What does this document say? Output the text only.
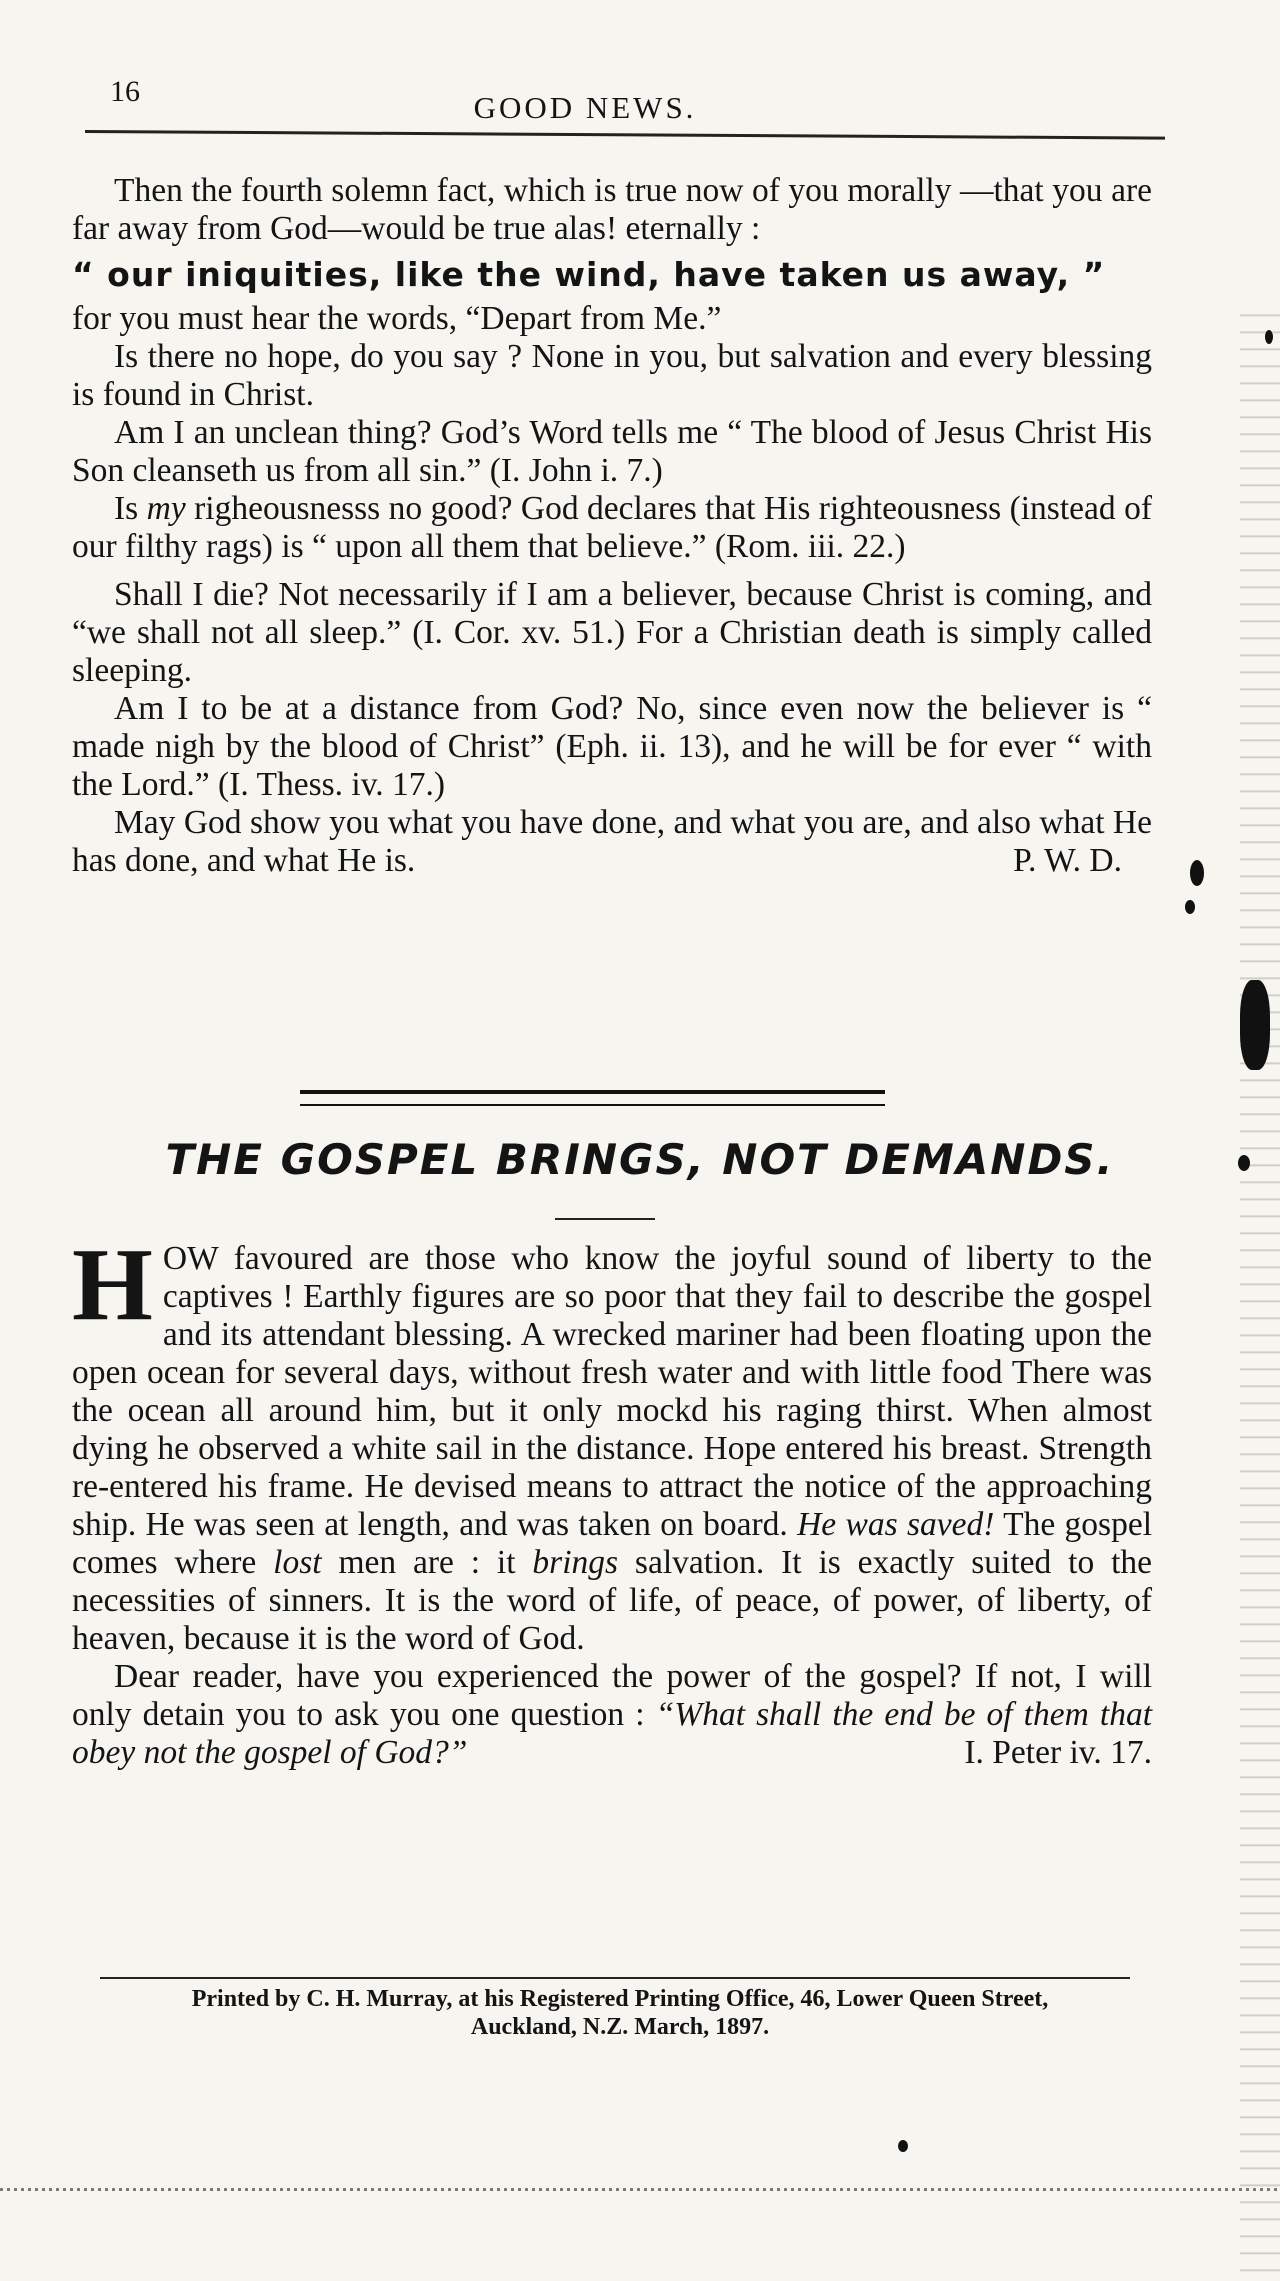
16	GOOD NEWS.

Then the fourth solemn fact, which is true now of you morally —that you are far away from God—would be true alas! eternally :
“ our iniquities, like the wind, have taken us away, ”

for you must hear the words, “Depart from Me.”

Is there no hope, do you say ? None in you, but salvation and every blessing is found in Christ.

Am I an unclean thing? God’s Word tells me “ The blood of Jesus Christ His Son cleanseth us from all sin.” (I. John i. 7.)

Is my righeousnesss no good? God declares that His righteousness (instead of our filthy rags) is “ upon all them that believe.” (Rom. iii. 22.)

Shall I die? Not necessarily if I am a believer, because Christ is coming, and “we shall not all sleep.” (I. Cor. xv. 51.) For a Christian death is simply called sleeping.

Am I to be at a distance from God? No, since even now the believer is “ made nigh by the blood of Christ” (Eph. ii. 13), and he will be for ever “ with the Lord.” (I. Thess. iv. 17.)

May God show you what you have done, and what you are, and also what He has done, and what He is.	P. W. D.

THE GOSPEL BRINGS, NOT DEMANDS.

HOW favoured are those who know the joyful sound of liberty to the captives ! Earthly figures are so poor that they fail to describe the gospel and its attendant blessing. A wrecked mariner had been floating upon the open ocean for several days, without fresh water and with little food There was the ocean all around him, but it only mockd his raging thirst. When almost dying he observed a white sail in the distance. Hope entered his breast. Strength re-entered his frame. He devised means to attract the notice of the approaching ship. He was seen at length, and was taken on board. He was saved! The gospel comes where lost men are : it brings salvation. It is exactly suited to the necessities of sinners. It is the word of life, of peace, of power, of liberty, of heaven, because it is the word of God.

Dear reader, have you experienced the power of the gospel? If not, I will only detain you to ask you one question : “What shall the end be of them that obey not the gospel of God?”	I. Peter iv. 17.

Printed by C. H. Murray, at his Registered Printing Office, 46, Lower Queen Street,
Auckland, N.Z. March, 1897.
